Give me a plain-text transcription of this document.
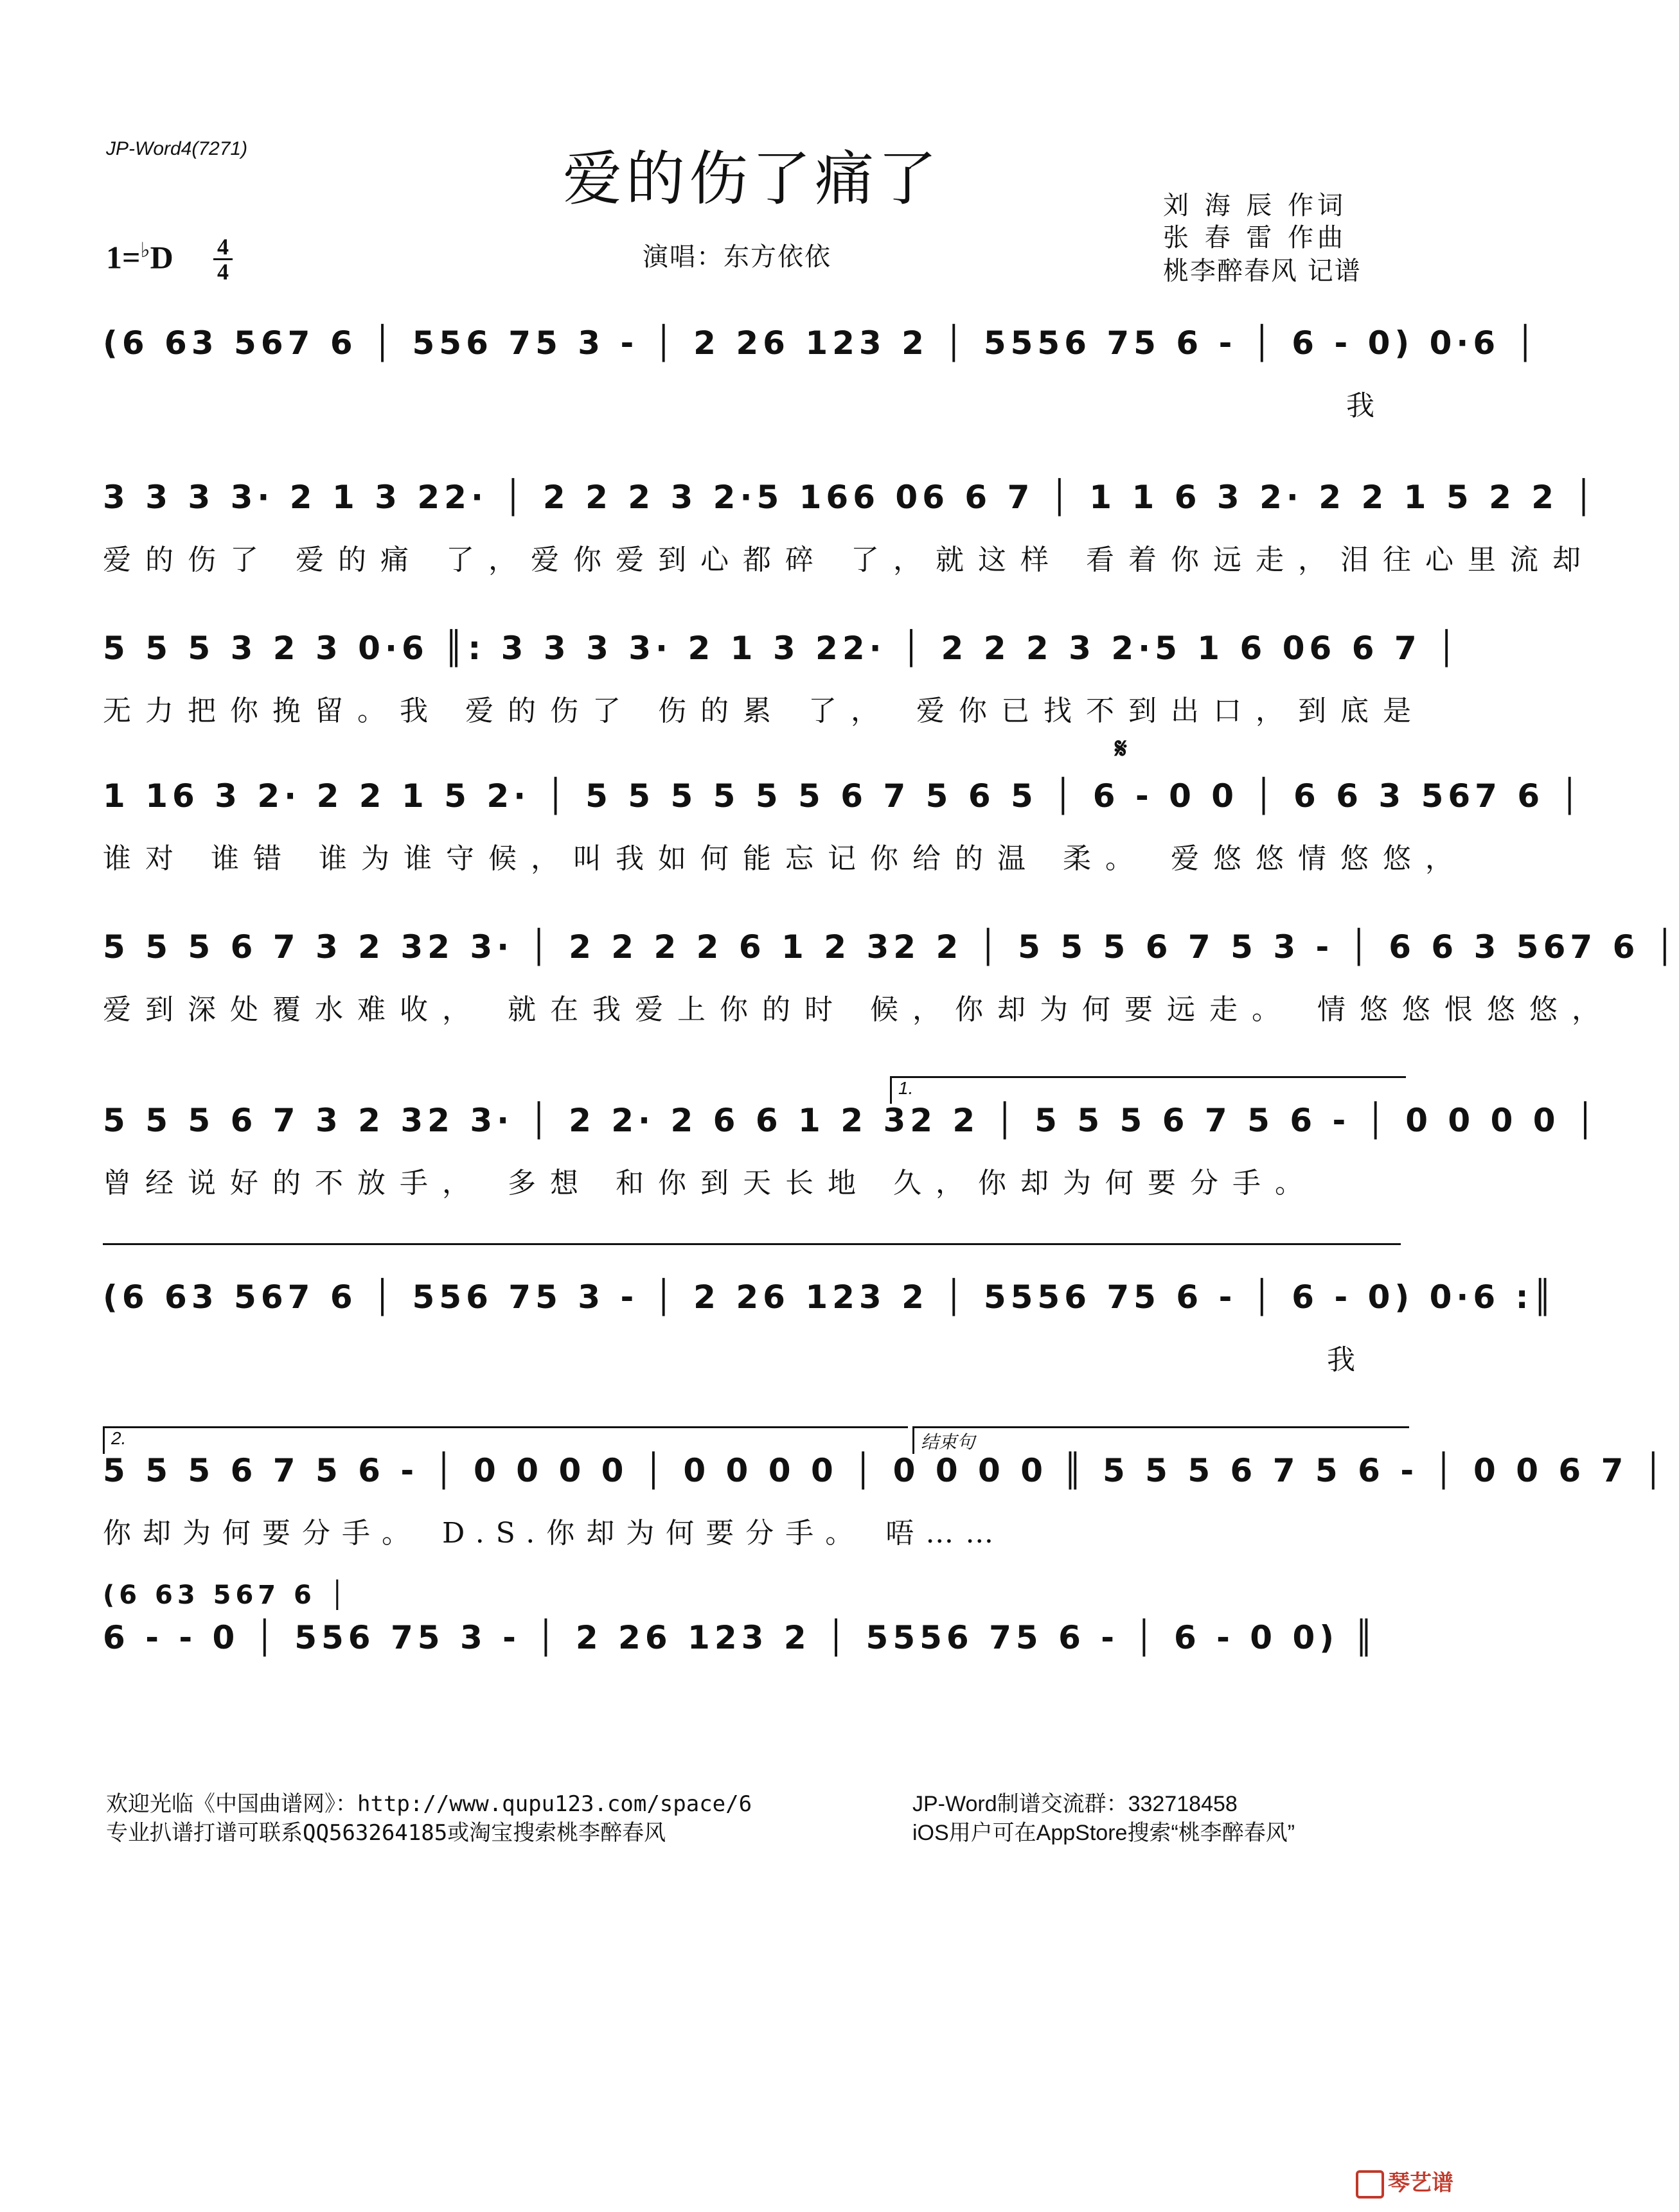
JP-Word4(7271)	爱的伤了痛了
演唱：东方依依
刘 海 辰 作词
张 春 雷 作曲
桃李醉春风 记谱
1=♭D 4
4
(6 63 567 6 │ 556 75 3 - │ 2 26 123 2 │ 5556 75 6 - │ 6 - 0) 0·6 │
我
3 3 3 3· 2 1 3 22· │ 2 2 2 3 2·5 166 06 6 7 │ 1 1 6 3 2· 2 2 1 5 2 2 │
爱的伤了 爱的痛 了，爱你爱到心都碎 了，就这样 看着你远走，泪往心里流却
5 5 5 3 2 3 0·6 ║: 3 3 3 3· 2 1 3 22· │ 2 2 2 3 2·5 1 6 06 6 7 │
无力把你挽留。我 爱的伤了 伤的累 了， 爱你已找不到出口，到底是
𝄋
1 16 3 2· 2 2 1 5 2· │ 5 5 5 5 5 5 6 7 5 6 5 │ 6 - 0 0 │ 6 6 3 567 6 │
谁对 谁错 谁为谁守候，叫我如何能忘记你给的温 柔。 爱悠悠情悠悠，
5 5 5 6 7 3 2 32 3· │ 2 2 2 2 6 1 2 32 2 │ 5 5 5 6 7 5 3 - │ 6 6 3 567 6 │
爱到深处覆水难收， 就在我爱上你的时 候，你却为何要远走。 情悠悠恨悠悠，
1.
5 5 5 6 7 3 2 32 3· │ 2 2· 2 6 6 1 2 32 2 │ 5 5 5 6 7 5 6 - │ 0 0 0 0 │
曾经说好的不放手， 多想 和你到天长地 久，你却为何要分手。
(6 63 567 6 │ 556 75 3 - │ 2 26 123 2 │ 5556 75 6 - │ 6 - 0) 0·6 :║
我
2.	结束句
5 5 5 6 7 5 6 - │ 0 0 0 0 │ 0 0 0 0 │ 0 0 0 0 ║ 5 5 5 6 7 5 6 - │ 0 0 6 7 │
你却为何要分手。 D.S.你却为何要分手。 唔……
(6 63 567 6 │
6 - - 0 │ 556 75 3 - │ 2 26 123 2 │ 5556 75 6 - │ 6 - 0 0) ║
欢迎光临《中国曲谱网》：http://www.qupu123.com/space/6
专业扒谱打谱可联系QQ563264185或淘宝搜索桃李醉春风
JP-Word制谱交流群：332718458
iOS用户可在AppStore搜索“桃李醉春风”
琴艺谱
